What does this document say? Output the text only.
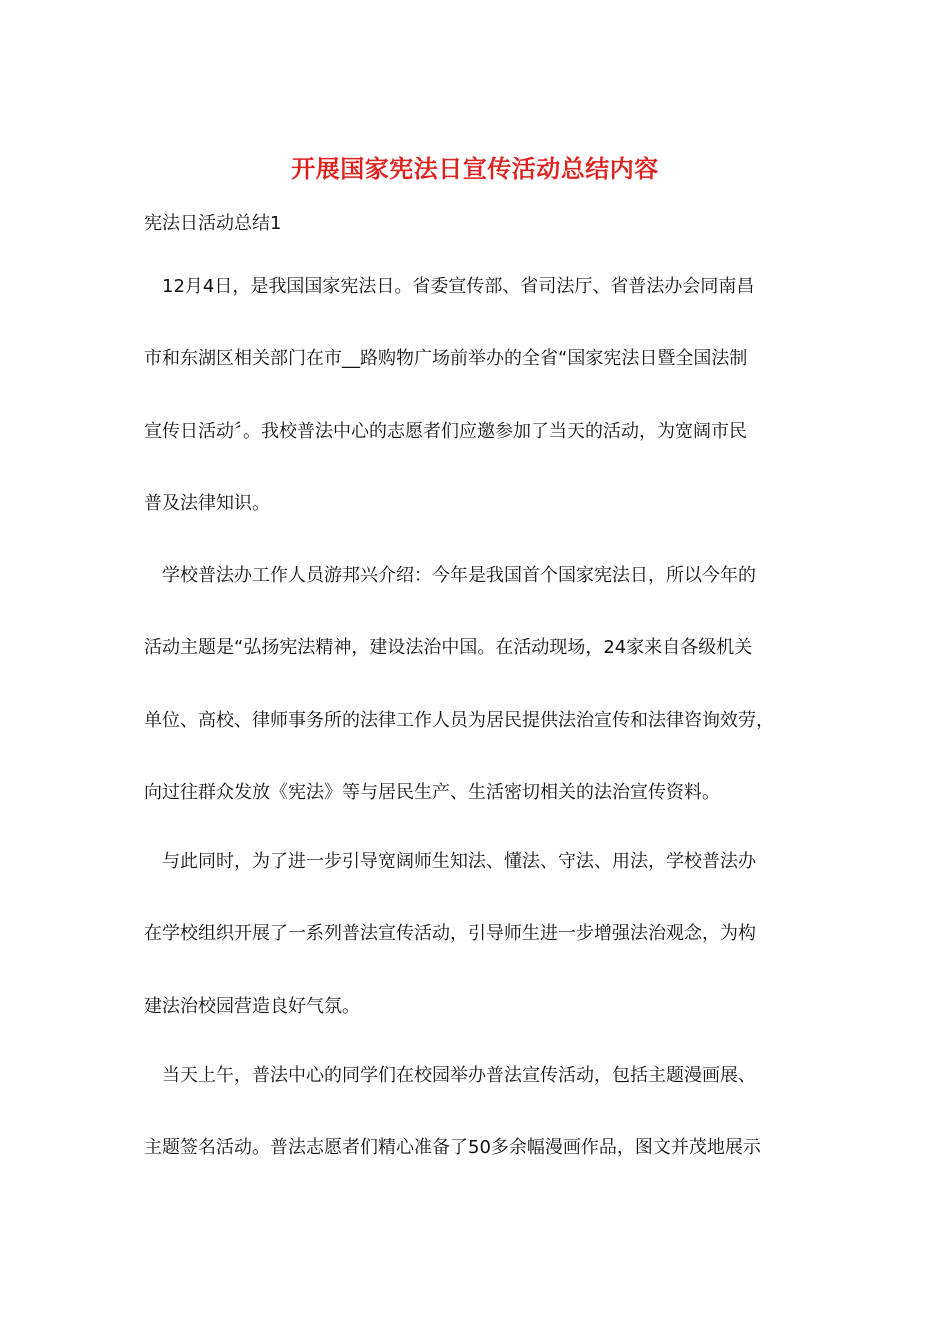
开展国家宪法日宣传活动总结内容
宪法日活动总结1
　12月4日，是我国国家宪法日。省委宣传部、省司法厅、省普法办会同南昌
市和东湖区相关部门在市__路购物广场前举办的全省“国家宪法日暨全国法制
宣传日活动〞。我校普法中心的志愿者们应邀参加了当天的活动，为宽阔市民
普及法律知识。
　学校普法办工作人员游邦兴介绍：今年是我国首个国家宪法日，所以今年的
活动主题是“弘扬宪法精神，建设法治中国。在活动现场，24家来自各级机关
单位、高校、律师事务所的法律工作人员为居民提供法治宣传和法律咨询效劳，
向过往群众发放《宪法》等与居民生产、生活密切相关的法治宣传资料。
　与此同时，为了进一步引导宽阔师生知法、懂法、守法、用法，学校普法办
在学校组织开展了一系列普法宣传活动，引导师生进一步增强法治观念，为构
建法治校园营造良好气氛。
　当天上午，普法中心的同学们在校园举办普法宣传活动，包括主题漫画展、
主题签名活动。普法志愿者们精心准备了50多余幅漫画作品，图文并茂地展示
